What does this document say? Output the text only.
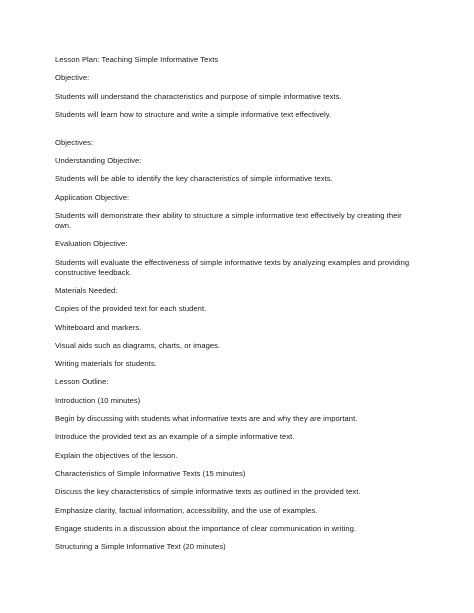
Lesson Plan: Teaching Simple Informative Texts

Objective:

Students will understand the characteristics and purpose of simple informative texts.

Students will learn how to structure and write a simple informative text effectively.

Objectives:

Understanding Objective:

Students will be able to identify the key characteristics of simple informative texts.

Application Objective:

Students will demonstrate their ability to structure a simple informative text effectively by creating their own.

Evaluation Objective:

Students will evaluate the effectiveness of simple informative texts by analyzing examples and providing constructive feedback.

Materials Needed:

Copies of the provided text for each student.

Whiteboard and markers.

Visual aids such as diagrams, charts, or images.

Writing materials for students.

Lesson Outline:

Introduction (10 minutes)

Begin by discussing with students what informative texts are and why they are important.

Introduce the provided text as an example of a simple informative text.

Explain the objectives of the lesson.

Characteristics of Simple Informative Texts (15 minutes)

Discuss the key characteristics of simple informative texts as outlined in the provided text.

Emphasize clarity, factual information, accessibility, and the use of examples.

Engage students in a discussion about the importance of clear communication in writing.

Structuring a Simple Informative Text (20 minutes)
